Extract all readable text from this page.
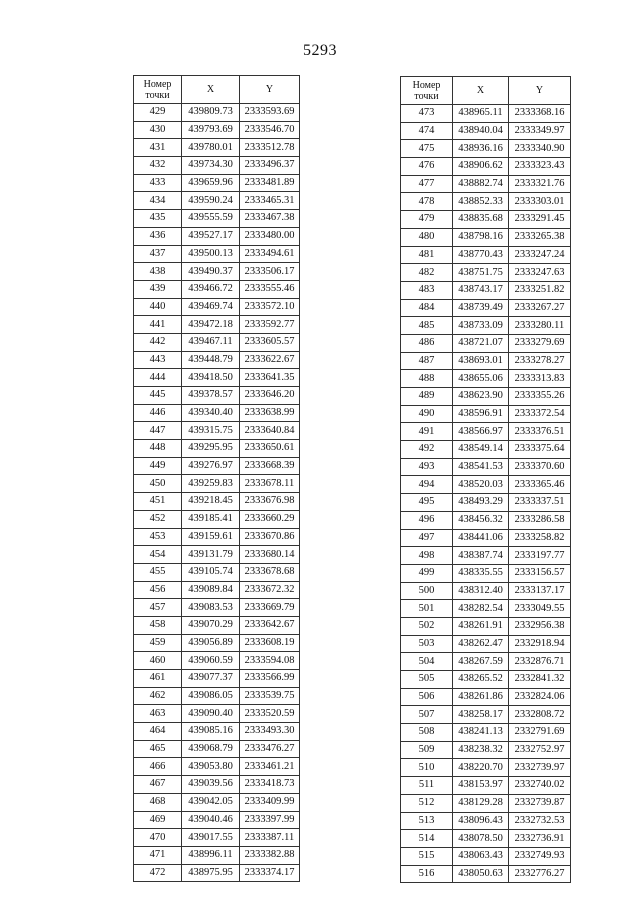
5293
Номер
точки	X	Y
429	439809.73	2333593.69
430	439793.69	2333546.70
431	439780.01	2333512.78
432	439734.30	2333496.37
433	439659.96	2333481.89
434	439590.24	2333465.31
435	439555.59	2333467.38
436	439527.17	2333480.00
437	439500.13	2333494.61
438	439490.37	2333506.17
439	439466.72	2333555.46
440	439469.74	2333572.10
441	439472.18	2333592.77
442	439467.11	2333605.57
443	439448.79	2333622.67
444	439418.50	2333641.35
445	439378.57	2333646.20
446	439340.40	2333638.99
447	439315.75	2333640.84
448	439295.95	2333650.61
449	439276.97	2333668.39
450	439259.83	2333678.11
451	439218.45	2333676.98
452	439185.41	2333660.29
453	439159.61	2333670.86
454	439131.79	2333680.14
455	439105.74	2333678.68
456	439089.84	2333672.32
457	439083.53	2333669.79
458	439070.29	2333642.67
459	439056.89	2333608.19
460	439060.59	2333594.08
461	439077.37	2333566.99
462	439086.05	2333539.75
463	439090.40	2333520.59
464	439085.16	2333493.30
465	439068.79	2333476.27
466	439053.80	2333461.21
467	439039.56	2333418.73
468	439042.05	2333409.99
469	439040.46	2333397.99
470	439017.55	2333387.11
471	438996.11	2333382.88
472	438975.95	2333374.17
Номер
точки	X	Y
473	438965.11	2333368.16
474	438940.04	2333349.97
475	438936.16	2333340.90
476	438906.62	2333323.43
477	438882.74	2333321.76
478	438852.33	2333303.01
479	438835.68	2333291.45
480	438798.16	2333265.38
481	438770.43	2333247.24
482	438751.75	2333247.63
483	438743.17	2333251.82
484	438739.49	2333267.27
485	438733.09	2333280.11
486	438721.07	2333279.69
487	438693.01	2333278.27
488	438655.06	2333313.83
489	438623.90	2333355.26
490	438596.91	2333372.54
491	438566.97	2333376.51
492	438549.14	2333375.64
493	438541.53	2333370.60
494	438520.03	2333365.46
495	438493.29	2333337.51
496	438456.32	2333286.58
497	438441.06	2333258.82
498	438387.74	2333197.77
499	438335.55	2333156.57
500	438312.40	2333137.17
501	438282.54	2333049.55
502	438261.91	2332956.38
503	438262.47	2332918.94
504	438267.59	2332876.71
505	438265.52	2332841.32
506	438261.86	2332824.06
507	438258.17	2332808.72
508	438241.13	2332791.69
509	438238.32	2332752.97
510	438220.70	2332739.97
511	438153.97	2332740.02
512	438129.28	2332739.87
513	438096.43	2332732.53
514	438078.50	2332736.91
515	438063.43	2332749.93
516	438050.63	2332776.27
